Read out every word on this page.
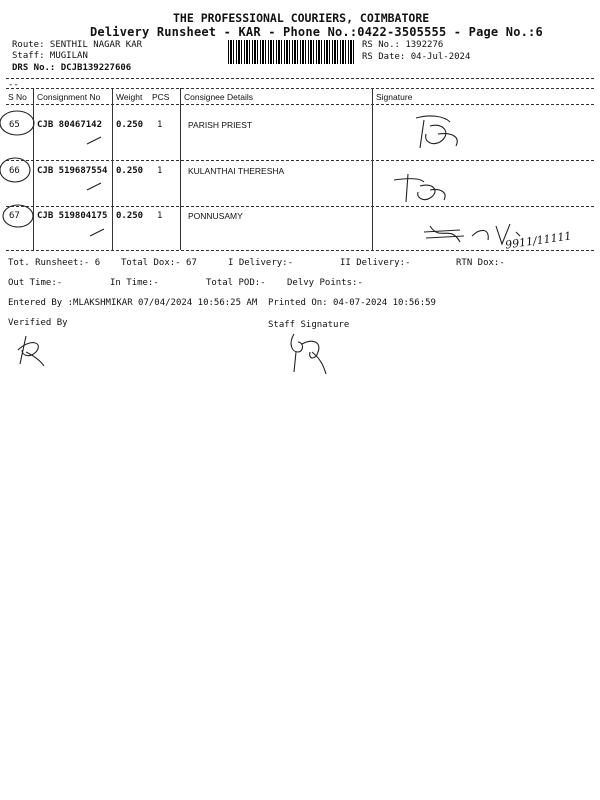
THE PROFESSIONAL COURIERS, COIMBATORE
Delivery Runsheet - KAR - Phone No.:0422-3505555 - Page No.:6
Route: SENTHIL NAGAR KAR
Staff: MUGILAN
DRS No.: DCJB139227606
RS No.: 1392276
RS Date: 04-Jul-2024
--
S No Consignment No Weight PCS Consignee Details	Signature
65 CJB 80467142 0.250 1	PARISH PRIEST
66 CJB 519687554 0.250 1	KULANTHAI THERESHA
67 CJB 519804175 0.250 1	PONNUSAMY
9911/11111
Tot. Runsheet:- 6 Total Dox:- 67	I Delivery:-	II Delivery:-	RTN Dox:-
Out Time:-	In Time:-	Total POD:- Delvy Points:-
Entered By :MLAKSHMIKAR 07/04/2024 10:56:25 AM Printed On: 04-07-2024 10:56:59
Verified By	Staff Signature
